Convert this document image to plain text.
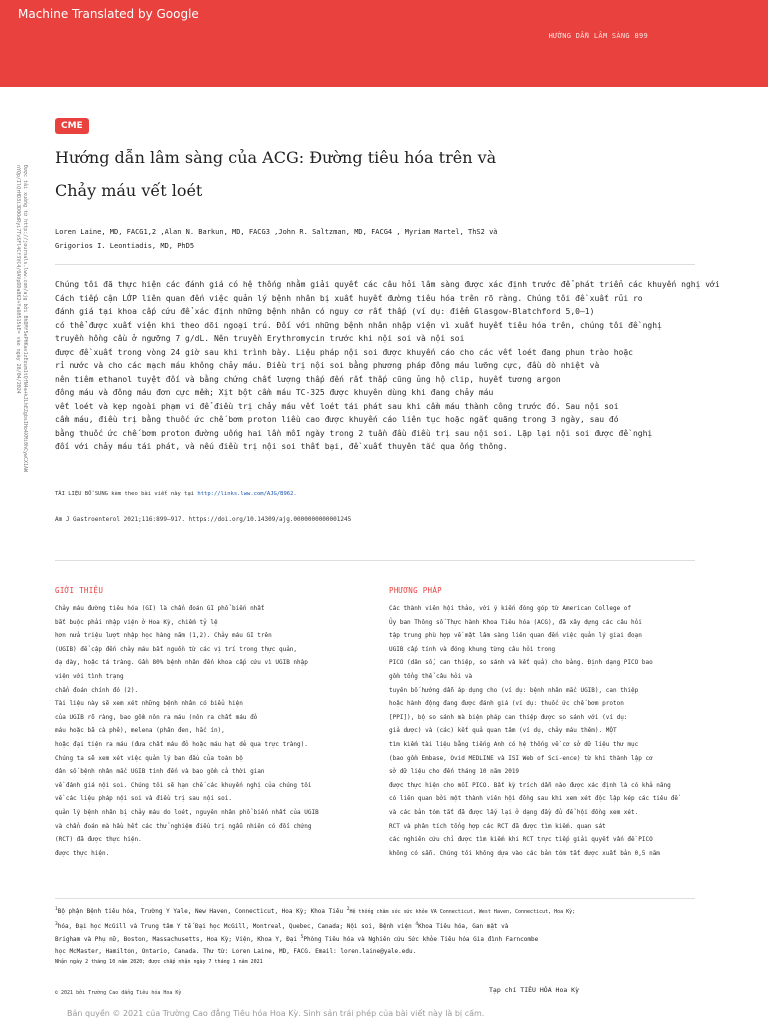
Machine Translated by Google
HƯỚNG DẪN LÂM SÀNG 899
CME
Hướng dẫn lâm sàng của ACG: Đường tiêu hóa trên và
Chảy máu vết loét
Được tải xuống từ http://journals.lww.com/ajg bởi BhDMf5ePHKav1zEoum1tQfN4a+kJLhEZgbsIHo4XMi0hCywCX1AW
nYQp/IlQrHD3i3D0OdRyi7TvSFl4Cf3VC4/OAVpDDa8K2+Ya6H515kE= vào ngày 28/04/2024	Loren Laine, MD, FACG1,2 ,Alan N. Barkun, MD, FACG3 ,John R. Saltzman, MD, FACG4 , Myriam Martel, ThS2 và
Grigorios I. Leontiadis, MD, PhD5
Chúng tôi đã thực hiện các đánh giá có hệ thống nhằm giải quyết các câu hỏi lâm sàng được xác định trước để phát triển các khuyến nghị với
Cách tiếp cận LỚP liên quan đến việc quản lý bệnh nhân bị xuất huyết đường tiêu hóa trên rõ ràng. Chúng tôi đề xuất rủi ro
đánh giá tại khoa cấp cứu để xác định những bệnh nhân có nguy cơ rất thấp (ví dụ: điểm Glasgow-Blatchford 5,0–1)
có thể được xuất viện khi theo dõi ngoại trú. Đối với những bệnh nhân nhập viện vì xuất huyết tiêu hóa trên, chúng tôi đề nghị
truyền hồng cầu ở ngưỡng 7 g/dL. Nên truyền Erythromycin trước khi nội soi và nội soi
được đề xuất trong vòng 24 giờ sau khi trình bày. Liệu pháp nội soi được khuyến cáo cho các vết loét đang phun trào hoặc
rỉ nước và cho các mạch máu không chảy máu. Điều trị nội soi bằng phương pháp đông máu lưỡng cực, đầu dò nhiệt và
nên tiêm ethanol tuyệt đối và bằng chứng chất lượng thấp đến rất thấp cũng ủng hộ clip, huyết tương argon
đông máu và đông máu đơn cực mềm; Xịt bột cầm máu TC-325 được khuyên dùng khi đang chảy máu
vết loét và kẹp ngoài phạm vi để điều trị chảy máu vết loét tái phát sau khi cầm máu thành công trước đó. Sau nội soi
cầm máu, điều trị bằng thuốc ức chế bơm proton liều cao được khuyến cáo liên tục hoặc ngắt quãng trong 3 ngày, sau đó
bằng thuốc ức chế bơm proton đường uống hai lần mỗi ngày trong 2 tuần đầu điều trị sau nội soi. Lặp lại nội soi được đề nghị
đối với chảy máu tái phát, và nếu điều trị nội soi thất bại, đề xuất thuyên tắc qua ống thông.
TÀI LIỆU BỔ SUNG kèm theo bài viết này tại http://links.lww.com/AJG/B962.
Am J Gastroenterol 2021;116:899–917. https://doi.org/10.14309/ajg.0000000000001245
GIỚI THIỆU
Chảy máu đường tiêu hóa (GI) là chẩn đoán GI phổ biến nhất
bắt buộc phải nhập viện ở Hoa Kỳ, chiếm tỷ lệ
hơn nửa triệu lượt nhập học hàng năm (1,2). Chảy máu GI trên
(UGIB) để cập đến chảy máu bắt nguồn từ các vị trí trong thực quản,
dạ dày, hoặc tá tràng. Gần 80% bệnh nhân đến khoa cấp cứu vì UGIB nhập
viện với tình trạng
chẩn đoán chính đó (2).
Tài liệu này sẽ xem xét những bệnh nhân có biểu hiện
của UGIB rõ ràng, bao gồm nôn ra máu (nôn ra chất máu đỏ
máu hoặc bã cà phê), melena (phân đen, hắc ín),
hoặc đại tiện ra máu (đưa chất máu đỏ hoặc máu hạt dẻ qua trực tràng).
Chúng ta sẽ xem xét việc quản lý ban đầu của toàn bộ
dân số bệnh nhân mắc UGIB tính đến và bao gồm cả thời gian
về đánh giá nội soi. Chúng tôi sẽ hạn chế các khuyến nghị của chúng tôi
về các liệu pháp nội soi và điều trị sau nội soi.
quản lý bệnh nhân bị chảy máu do loét, nguyên nhân phổ biến nhất của UGIB
và chẩn đoán mà hầu hết các thử nghiệm điều trị ngẫu nhiên có đối chứng
(RCT) đã được thực hiện.
được thực hiện.
PHƯƠNG PHÁP
Các thành viên hội thảo, với ý kiến đóng góp từ American College of
Ủy ban Thông số Thực hành Khoa Tiêu hóa (ACG), đã xây dựng các câu hỏi
tập trung phù hợp về mặt lâm sàng liên quan đến việc quản lý giai đoạn
UGIB cấp tính và đóng khung từng câu hỏi trong
PICO (dân số, can thiệp, so sánh và kết quả) cho bảng. Định dạng PICO bao
gồm tổng thể câu hỏi và
tuyên bố hướng dẫn áp dụng cho (ví dụ: bệnh nhân mắc UGIB), can thiệp
hoặc hành động đang được đánh giá (ví dụ: thuốc ức chế bơm proton
[PPI]), bộ so sánh mà biện pháp can thiệp được so sánh với (ví dụ:
giả dược) và (các) kết quả quan tâm (ví dụ, chảy máu thêm). MỘT
tìm kiếm tài liệu bằng tiếng Anh có hệ thống về cơ sở dữ liệu thư mục
(bao gồm Embase, Ovid MEDLINE và ISI Web of Sci-ence) từ khi thành lập cơ
sở dữ liệu cho đến tháng 10 năm 2019
được thực hiện cho mỗi PICO. Bất kỳ trích dẫn nào được xác định là có khả năng
có liên quan bởi một thành viên hội đồng sau khi xem xét độc lập kép các tiêu đề
và các bản tóm tắt đã được lấy lại ở dạng đầy đủ để hội đồng xem xét.
RCT và phân tích tổng hợp các RCT đã được tìm kiếm. quan sát
các nghiên cứu chỉ được tìm kiếm khi RCT trực tiếp giải quyết vấn đề PICO
không có sẵn. Chúng tôi không dựa vào các bản tóm tắt được xuất bản 0,5 năm
$^1$Bộ phận Bệnh tiêu hóa, Trường Y Yale, New Haven, Connecticut, Hoa Kỳ; Khoa Tiêu $^2$Hệ thống chăm sóc sức khỏe VA Connecticut, West Haven, Connecticut, Hoa Kỳ;
$^3$hóa, Đại học McGill và Trung tâm Y tế Đại học McGill, Montreal, Quebec, Canada; Nội soi, Bệnh viện $^4$Khoa Tiêu hóa, Gan mật và
Brigham và Phụ nữ, Boston, Massachusetts, Hoa Kỳ; Viện, Khoa Y, Đại $^5$Phòng Tiêu hóa và Nghiên cứu Sức khỏe Tiêu hóa Gia đình Farncombe
học McMaster, Hamilton, Ontario, Canada. Thư từ: Loren Laine, MD, FACG. Email: loren.laine@yale.edu.
Nhận ngày 2 tháng 10 năm 2020; được chấp nhận ngày 7 tháng 1 năm 2021
© 2021 bởi Trường Cao đẳng Tiêu hóa Hoa Kỳ	Tạp chí TIÊU HÓA Hoa Kỳ
Bản quyền © 2021 của Trường Cao đẳng Tiêu hóa Hoa Kỳ. Sinh sản trái phép của bài viết này là bị cấm.
